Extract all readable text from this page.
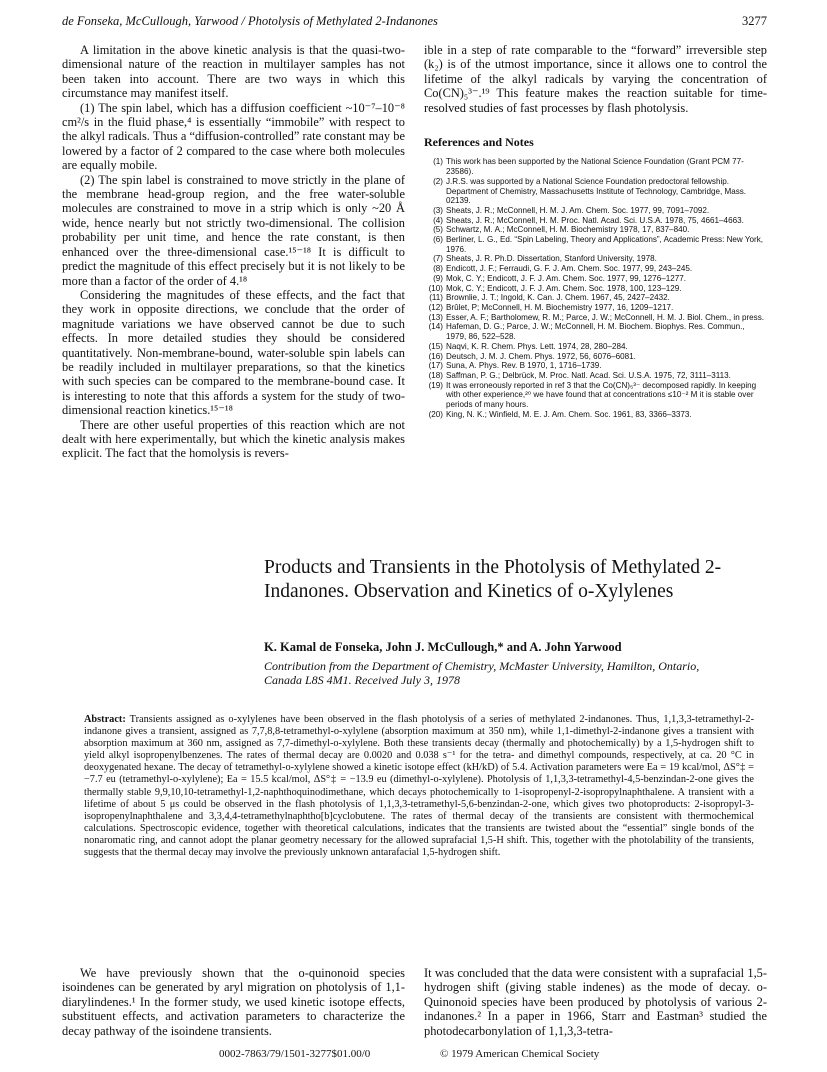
de Fonseka, McCullough, Yarwood / Photolysis of Methylated 2-Indanones	3277

A limitation in the above kinetic analysis is that the quasi-two-dimensional nature of the reaction in multilayer samples has not been taken into account. There are two ways in which this circumstance may manifest itself.

(1) The spin label, which has a diffusion coefficient ~10⁻⁷–10⁻⁸ cm²/s in the fluid phase,⁴ is essentially “immobile” with respect to the alkyl radicals. Thus a “diffusion-controlled” rate constant may be lowered by a factor of 2 compared to the case where both molecules are equally mobile.

(2) The spin label is constrained to move strictly in the plane of the membrane head-group region, and the free water-soluble molecules are constrained to move in a strip which is only ~20 Å wide, hence nearly but not strictly two-dimensional. The collision probability per unit time, and hence the rate constant, is then enhanced over the three-dimensional case.¹⁵⁻¹⁸ It is difficult to predict the magnitude of this effect precisely but it is not likely to be more than a factor of the order of 4.¹⁸

Considering the magnitudes of these effects, and the fact that they work in opposite directions, we conclude that the order of magnitude variations we have observed cannot be due to such effects. In more detailed studies they should be considered quantitatively. Non-membrane-bound, water-soluble spin labels can be readily included in multilayer preparations, so that the kinetics with such species can be compared to the membrane-bound case. It is interesting to note that this affords a system for the study of two-dimensional reaction kinetics.¹⁵⁻¹⁸

There are other useful properties of this reaction which are not dealt with here experimentally, but which the kinetic analysis makes explicit. The fact that the homolysis is revers-

ible in a step of rate comparable to the “forward” irreversible step (k₂) is of the utmost importance, since it allows one to control the lifetime of the alkyl radicals by varying the concentration of Co(CN)₅³⁻.¹⁹ This feature makes the reaction suitable for time-resolved studies of fast processes by flash photolysis.

References and Notes
(1) This work has been supported by the National Science Foundation (Grant PCM 77-23586).
(2) J.R.S. was supported by a National Science Foundation predoctoral fellowship. Department of Chemistry, Massachusetts Institute of Technology, Cambridge, Mass. 02139.
(3) Sheats, J. R.; McConnell, H. M. J. Am. Chem. Soc. 1977, 99, 7091–7092.
(4) Sheats, J. R.; McConnell, H. M. Proc. Natl. Acad. Sci. U.S.A. 1978, 75, 4661–4663.
(5) Schwartz, M. A.; McConnell, H. M. Biochemistry 1978, 17, 837–840.
(6) Berliner, L. G., Ed. “Spin Labeling, Theory and Applications”, Academic Press: New York, 1976.
(7) Sheats, J. R. Ph.D. Dissertation, Stanford University, 1978.
(8) Endicott, J. F.; Ferraudi, G. F. J. Am. Chem. Soc. 1977, 99, 243–245.
(9) Mok, C. Y.; Endicott, J. F. J. Am. Chem. Soc. 1977, 99, 1276–1277.
(10) Mok, C. Y.; Endicott, J. F. J. Am. Chem. Soc. 1978, 100, 123–129.
(11) Brownlie, J. T.; Ingold, K. Can. J. Chem. 1967, 45, 2427–2432.
(12) Brûlet, P; McConnell, H. M. Biochemistry 1977, 16, 1209–1217.
(13) Esser, A. F.; Bartholomew, R. M.; Parce, J. W.; McConnell, H. M. J. Biol. Chem., in press.
(14) Hafeman, D. G.; Parce, J. W.; McConnell, H. M. Biochem. Biophys. Res. Commun., 1979, 86, 522–528.
(15) Naqvi, K. R. Chem. Phys. Lett. 1974, 28, 280–284.
(16) Deutsch, J. M. J. Chem. Phys. 1972, 56, 6076–6081.
(17) Suna, A. Phys. Rev. B 1970, 1, 1716–1739.
(18) Saffman, P. G.; Delbrück, M. Proc. Natl. Acad. Sci. U.S.A. 1975, 72, 3111–3113.
(19) It was erroneously reported in ref 3 that the Co(CN)₅³⁻ decomposed rapidly. In keeping with other experience,²⁰ we have found that at concentrations ≤10⁻² M it is stable over periods of many hours.
(20) King, N. K.; Winfield, M. E. J. Am. Chem. Soc. 1961, 83, 3366–3373.
Products and Transients in the Photolysis of Methylated 2-Indanones. Observation and Kinetics of o-Xylylenes
K. Kamal de Fonseka, John J. McCullough,* and A. John Yarwood
Contribution from the Department of Chemistry, McMaster University, Hamilton, Ontario, Canada L8S 4M1. Received July 3, 1978
Abstract: Transients assigned as o-xylylenes have been observed in the flash photolysis of a series of methylated 2-indanones. Thus, 1,1,3,3-tetramethyl-2-indanone gives a transient, assigned as 7,7,8,8-tetramethyl-o-xylylene (absorption maximum at 350 nm), while 1,1-dimethyl-2-indanone gives a transient with absorption maximum at 360 nm, assigned as 7,7-dimethyl-o-xylylene. Both these transients decay (thermally and photochemically) by a 1,5-hydrogen shift to yield alkyl isopropenylbenzenes. The rates of thermal decay are 0.0020 and 0.038 s⁻¹ for the tetra- and dimethyl compounds, respectively, at ca. 20 °C in deoxygenated hexane. The decay of tetramethyl-o-xylylene showed a kinetic isotope effect (kH/kD) of 5.4. Activation parameters were Ea = 19 kcal/mol, ΔS°‡ = −7.7 eu (tetramethyl-o-xylylene); Ea = 15.5 kcal/mol, ΔS°‡ = −13.9 eu (dimethyl-o-xylylene). Photolysis of 1,1,3,3-tetramethyl-4,5-benzindan-2-one gives the thermally stable 9,9,10,10-tetramethyl-1,2-naphthoquinodimethane, which decays photochemically to 1-isopropenyl-2-isopropylnaphthalene. A transient with a lifetime of about 5 μs could be observed in the flash photolysis of 1,1,3,3-tetramethyl-5,6-benzindan-2-one, which gives two photoproducts: 2-isopropyl-3-isopropenylnaphthalene and 3,3,4,4-tetramethylnaphtho[b]cyclobutene. The rates of thermal decay of the transients are consistent with thermochemical calculations. Spectroscopic evidence, together with theoretical calculations, indicates that the transients are twisted about the “essential” single bonds of the nonaromatic ring, and cannot adopt the planar geometry necessary for the allowed suprafacial 1,5-H shift. This, together with the photolability of the transients, suggests that the thermal decay may involve the previously unknown antarafacial 1,5-hydrogen shift.
We have previously shown that the o-quinonoid species isoindenes can be generated by aryl migration on photolysis of 1,1-diarylindenes.¹ In the former study, we used kinetic isotope effects, substituent effects, and activation parameters to characterize the decay pathway of the isoindene transients.
It was concluded that the data were consistent with a suprafacial 1,5-hydrogen shift (giving stable indenes) as the mode of decay. o-Quinonoid species have been produced by photolysis of various 2-indanones.² In a paper in 1966, Starr and Eastman³ studied the photodecarbonylation of 1,1,3,3-tetra-
0002-7863/79/1501-3277$01.00/0	© 1979 American Chemical Society
